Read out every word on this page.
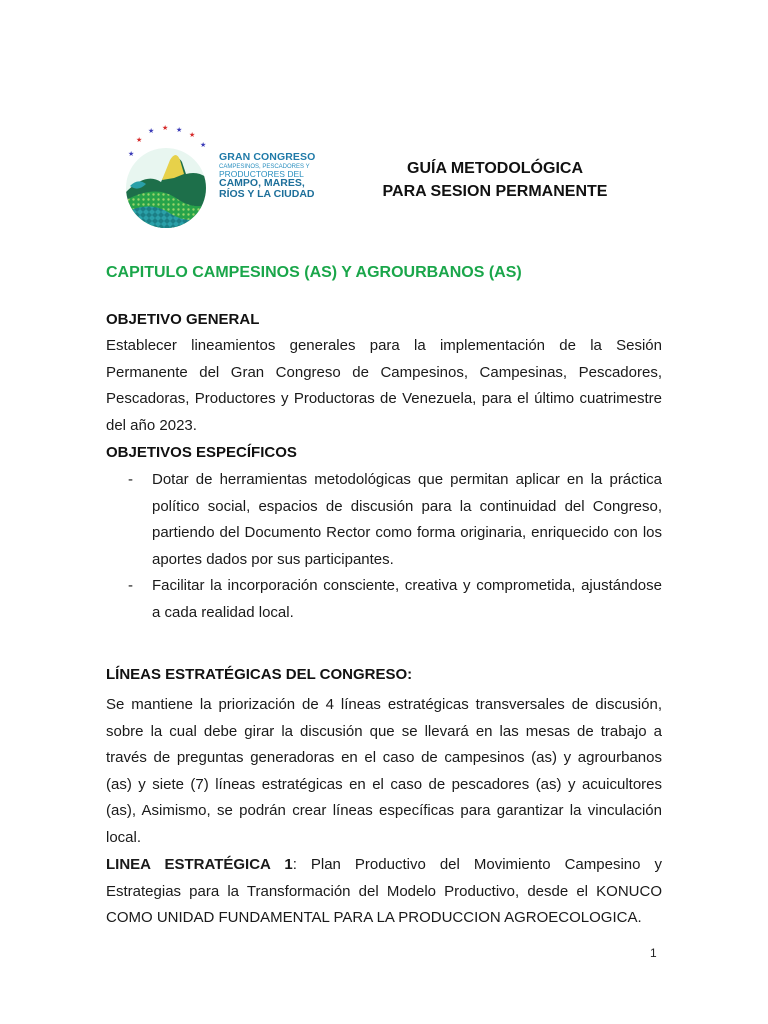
★
★
★ ★ ★
★
★
GRAN CONGRESO
CAMPESINOS, PESCADORES Y
PRODUCTORES DEL
CAMPO, MARES,
RÍOS Y LA CIUDAD
GUÍA METODOLÓGICA
PARA SESION PERMANENTE
CAPITULO CAMPESINOS (AS) Y AGROURBANOS (AS)
OBJETIVO GENERAL

Establecer lineamientos generales para la implementación de la Sesión Permanente del Gran Congreso de Campesinos, Campesinas, Pescadores, Pescadoras, Productores y Productoras de Venezuela, para el último cuatrimestre del año 2023.

OBJETIVOS ESPECÍFICOS
- Dotar de herramientas metodológicas que permitan aplicar en la práctica político social, espacios de discusión para la continuidad del Congreso, partiendo del Documento Rector como forma originaria, enriquecido con los aportes dados por sus participantes.
- Facilitar la incorporación consciente, creativa y comprometida, ajustándose a cada realidad local.
LÍNEAS ESTRATÉGICAS DEL CONGRESO:

Se mantiene la priorización de 4 líneas estratégicas transversales de discusión, sobre la cual debe girar la discusión que se llevará en las mesas de trabajo a través de preguntas generadoras en el caso de campesinos (as) y agrourbanos (as) y siete (7) líneas estratégicas en el caso de pescadores (as) y acuicultores (as), Asimismo, se podrán crear líneas específicas para garantizar la vinculación local.

LINEA ESTRATÉGICA 1: Plan Productivo del Movimiento Campesino y Estrategias para la Transformación del Modelo Productivo, desde el KONUCO COMO UNIDAD FUNDAMENTAL PARA LA PRODUCCION AGROECOLOGICA.

1
